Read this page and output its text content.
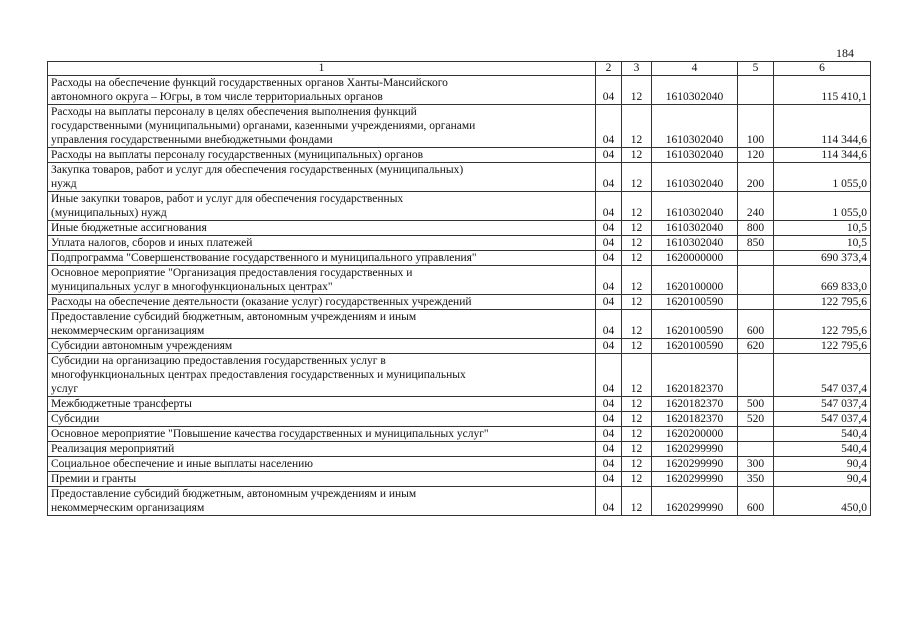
184
1	2	3	4	5	6
Расходы на обеспечение функций государственных органов Ханты-Мансийского
автономного округа – Югры, в том числе территориальных органов	04	12	1610302040		115 410,1
Расходы на выплаты персоналу в целях обеспечения выполнения функций
государственными (муниципальными) органами, казенными учреждениями, органами
управления государственными внебюджетными фондами	04	12	1610302040	100	114 344,6
Расходы на выплаты персоналу государственных (муниципальных) органов	04	12	1610302040	120	114 344,6
Закупка товаров, работ и услуг для обеспечения государственных (муниципальных)
нужд	04	12	1610302040	200	1 055,0
Иные закупки товаров, работ и услуг для обеспечения государственных
(муниципальных) нужд	04	12	1610302040	240	1 055,0
Иные бюджетные ассигнования	04	12	1610302040	800	10,5
Уплата налогов, сборов и иных платежей	04	12	1610302040	850	10,5
Подпрограмма "Совершенствование государственного и муниципального управления"	04	12	1620000000		690 373,4
Основное мероприятие "Организация предоставления государственных и
муниципальных услуг в многофункциональных центрах"	04	12	1620100000		669 833,0
Расходы на обеспечение деятельности (оказание услуг) государственных учреждений	04	12	1620100590		122 795,6
Предоставление субсидий бюджетным, автономным учреждениям и иным
некоммерческим организациям	04	12	1620100590	600	122 795,6
Субсидии автономным учреждениям	04	12	1620100590	620	122 795,6
Субсидии на организацию предоставления государственных услуг в
многофункциональных центрах предоставления государственных и муниципальных
услуг	04	12	1620182370		547 037,4
Межбюджетные трансферты	04	12	1620182370	500	547 037,4
Субсидии	04	12	1620182370	520	547 037,4
Основное мероприятие "Повышение качества государственных и муниципальных услуг"	04	12	1620200000		540,4
Реализация мероприятий	04	12	1620299990		540,4
Социальное обеспечение и иные выплаты населению	04	12	1620299990	300	90,4
Премии и гранты	04	12	1620299990	350	90,4
Предоставление субсидий бюджетным, автономным учреждениям и иным
некоммерческим организациям	04	12	1620299990	600	450,0
